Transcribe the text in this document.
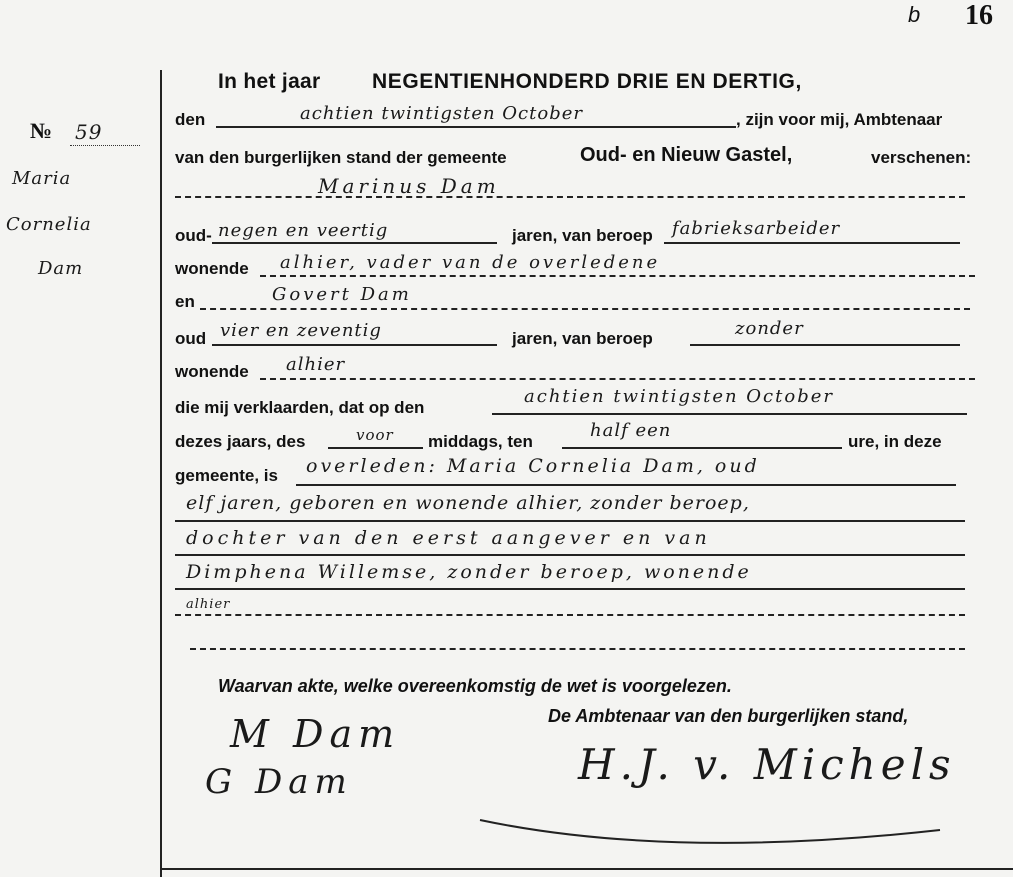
b 16
№ 59
Maria
Cornelia
Dam
In het jaar NEGENTIENHONDERD DRIE EN DERTIG,
den	achtien twintigsten October	, zijn voor mij, Ambtenaar
van den burgerlijken stand der gemeente	Oud- en Nieuw Gastel,	verschenen:
Marinus Dam
oud- negen en veertig	jaren, van beroep fabrieksarbeider
wonende alhier, vader van de overledene
en	Govert Dam
oud vier en zeventig	jaren, van beroep	zonder
wonende alhier
die mij verklaarden, dat op den
achtien twintigsten October
dezes jaars, des	voor middags, ten
half een
ure, in deze
gemeente, is overleden: Maria Cornelia Dam, oud
elf jaren, geboren en wonende alhier, zonder beroep,
dochter van den eerst aangever en van
Dimphena Willemse, zonder beroep, wonende
alhier
Waarvan akte, welke overeenkomstig de wet is voorgelezen.
De Ambtenaar van den burgerlijken stand,
M Dam
G Dam	H.J. v. Michels
